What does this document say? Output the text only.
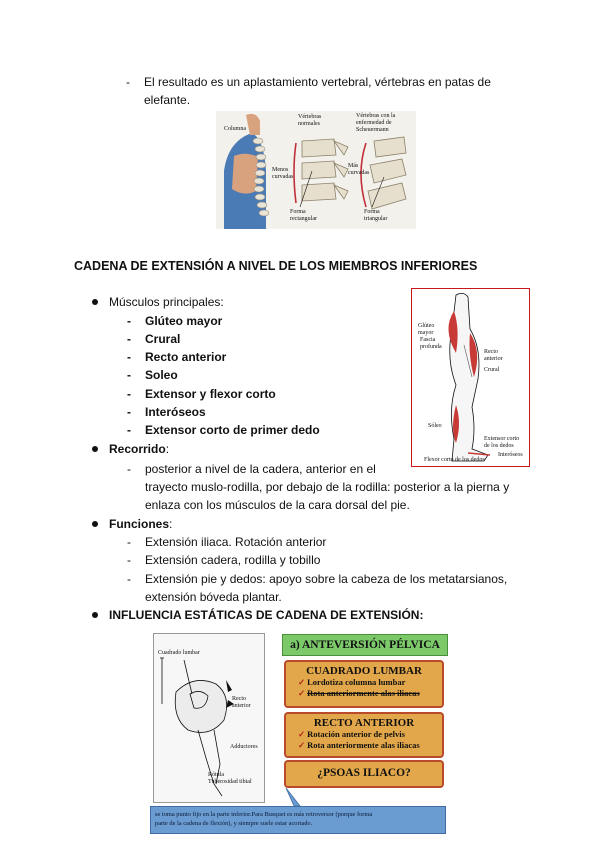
- El resultado es un aplastamiento vertebral, vértebras en patas de
elefante.
Columna
Vértebras
normales
Vértebras con la
enfermedad de
Scheuermann
Menos
curvadas
Más
curvadas
Forma
rectangular
Forma
triangular
CADENA DE EXTENSIÓN A NIVEL DE LOS MIEMBROS INFERIORES
Músculos principales:
- Glúteo mayor
- Crural
- Recto anterior
- Soleo
- Extensor y flexor corto
- Interóseos
- Extensor corto de primer dedo
Glúteo
mayor
Fascia
profunda
Recto
anterior
Crural
Sóleo
Extensor corto
de los dedos
Interóseos
Flexor corto de los dedos
Recorrido:
- posterior a nivel de la cadera, anterior en el
trayecto muslo-rodilla, por debajo de la rodilla: posterior a la pierna y
enlaza con los músculos de la cara dorsal del pie.
Funciones:
- Extensión iliaca. Rotación anterior
- Extensión cadera, rodilla y tobillo
- Extensión pie y dedos: apoyo sobre la cabeza de los metatarsianos,
extensión bóveda plantar.
INFLUENCIA ESTÁTICAS DE CADENA DE EXTENSIÓN:
Cuadrado lumbar
Recto
anterior
Adductores
Rótula
Tuberosidad tibial
a) ANTEVERSIÓN PÉLVICA
CUADRADO LUMBAR
✓ Lordotiza columna lumbar
✓ Rota anteriormente alas iliacas
RECTO ANTERIOR
✓ Rotación anterior de pelvis
✓ Rota anteriormente alas iliacas
¿PSOAS ILIACO?
se toma punto fijo en la parte inferior.Para Busquet es más retroversor (porque forma
parte de la cadena de flexión), y siempre suele estar acortado.
